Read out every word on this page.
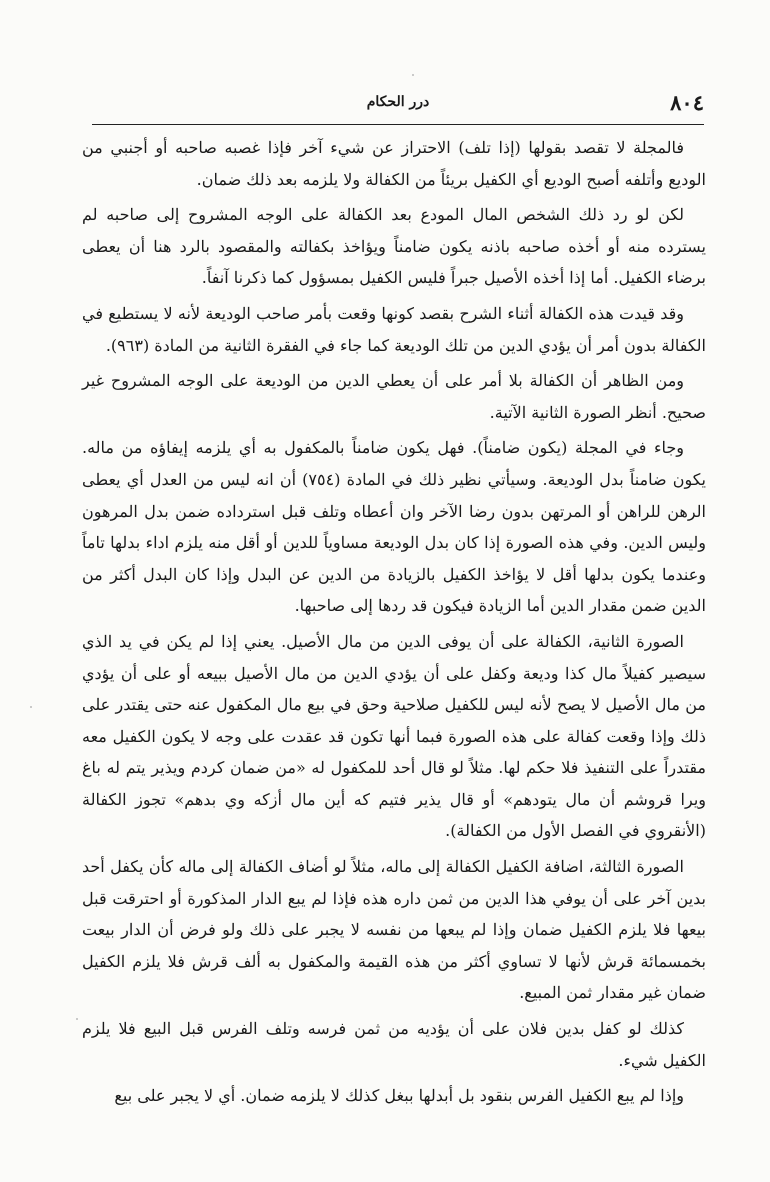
٨٠٤
درر الحكام

فالمجلة لا تقصد بقولها (إذا تلف) الاحتراز عن شيء آخر فإذا غصبه صاحبه أو أجنبي من الوديع وأتلفه أصبح الوديع أي الكفيل بريئاً من الكفالة ولا يلزمه بعد ذلك ضمان.

لكن لو رد ذلك الشخص المال المودع بعد الكفالة على الوجه المشروح إلى صاحبه لم يسترده منه أو أخذه صاحبه باذنه يكون ضامناً ويؤاخذ بكفالته والمقصود بالرد هنا أن يعطى برضاء الكفيل. أما إذا أخذه الأصيل جبراً فليس الكفيل بمسؤول كما ذكرنا آنفاً.

وقد قيدت هذه الكفالة أثناء الشرح بقصد كونها وقعت بأمر صاحب الوديعة لأنه لا يستطيع في الكفالة بدون أمر أن يؤدي الدين من تلك الوديعة كما جاء في الفقرة الثانية من المادة (٩٦٣).

ومن الظاهر أن الكفالة بلا أمر على أن يعطي الدين من الوديعة على الوجه المشروح غير صحيح. أنظر الصورة الثانية الآتية.

وجاء في المجلة (يكون ضامناً). فهل يكون ضامناً بالمكفول به أي يلزمه إيفاؤه من ماله. يكون ضامناً بدل الوديعة. وسيأتي نظير ذلك في المادة (٧٥٤) أن انه ليس من العدل أي يعطى الرهن للراهن أو المرتهن بدون رضا الآخر وان أعطاه وتلف قبل استرداده ضمن بدل المرهون وليس الدين. وفي هذه الصورة إذا كان بدل الوديعة مساوياً للدين أو أقل منه يلزم اداء بدلها تاماً وعندما يكون بدلها أقل لا يؤاخذ الكفيل بالزيادة من الدين عن البدل وإذا كان البدل أكثر من الدين ضمن مقدار الدين أما الزيادة فيكون قد ردها إلى صاحبها.

الصورة الثانية، الكفالة على أن يوفى الدين من مال الأصيل. يعني إذا لم يكن في يد الذي سيصير كفيلاً مال كذا وديعة وكفل على أن يؤدي الدين من مال الأصيل ببيعه أو على أن يؤدي من مال الأصيل لا يصح لأنه ليس للكفيل صلاحية وحق في بيع مال المكفول عنه حتى يقتدر على ذلك وإذا وقعت كفالة على هذه الصورة فبما أنها تكون قد عقدت على وجه لا يكون الكفيل معه مقتدراً على التنفيذ فلا حكم لها. مثلاً لو قال أحد للمكفول له «من ضمان كردم ويذير يتم له باغ ويرا قروشم أن مال يتودهم» أو قال يذير فتيم كه أين مال أزكه وي بدهم» تجوز الكفالة (الأنقروي في الفصل الأول من الكفالة).

الصورة الثالثة، اضافة الكفيل الكفالة إلى ماله، مثلاً لو أضاف الكفالة إلى ماله كأن يكفل أحد بدين آخر على أن يوفي هذا الدين من ثمن داره هذه فإذا لم يبع الدار المذكورة أو احترقت قبل بيعها فلا يلزم الكفيل ضمان وإذا لم يبعها من نفسه لا يجبر على ذلك ولو فرض أن الدار بيعت بخمسمائة قرش لأنها لا تساوي أكثر من هذه القيمة والمكفول به ألف قرش فلا يلزم الكفيل ضمان غير مقدار ثمن المبيع.

كذلك لو كفل بدين فلان على أن يؤديه من ثمن فرسه وتلف الفرس قبل البيع فلا يلزم الكفيل شيء.

وإذا لم يبع الكفيل الفرس بنقود بل أبدلها ببغل كذلك لا يلزمه ضمان. أي لا يجبر على بيع
